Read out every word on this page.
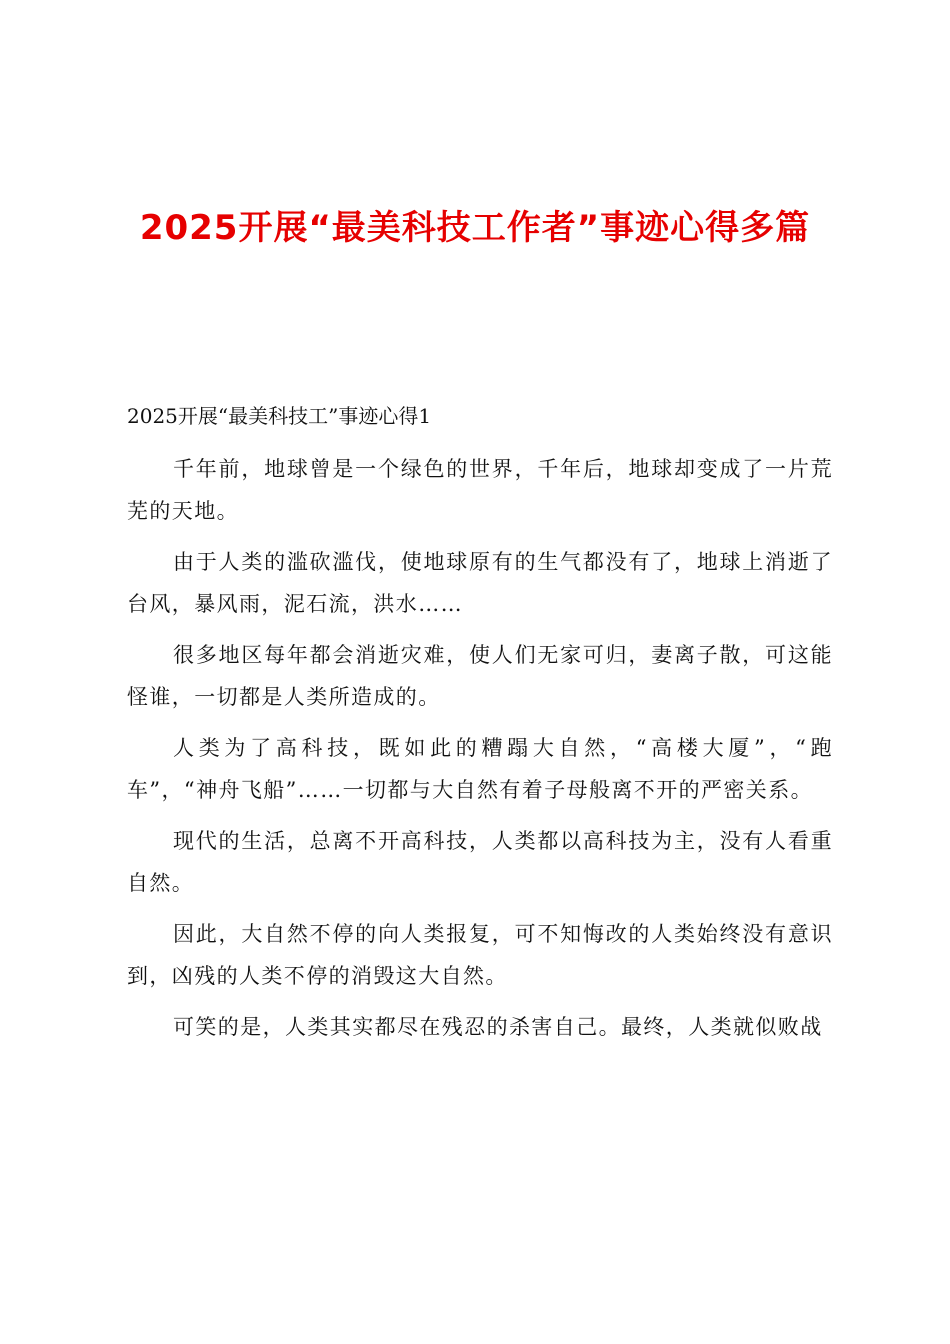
2025开展“最美科技工作者”事迹心得多篇
2025开展“最美科技工”事迹心得1

千年前，地球曾是一个绿色的世界，千年后，地球却变成了一片荒芜的天地。

由于人类的滥砍滥伐，使地球原有的生气都没有了，地球上消逝了台风，暴风雨，泥石流，洪水……

很多地区每年都会消逝灾难，使人们无家可归，妻离子散，可这能怪谁，一切都是人类所造成的。

人类为了高科技，既如此的糟蹋大自然，“高楼大厦”，“跑车”，“神舟飞船”……一切都与大自然有着子母般离不开的严密关系。

现代的生活，总离不开高科技，人类都以高科技为主，没有人看重自然。

因此，大自然不停的向人类报复，可不知悔改的人类始终没有意识到，凶残的人类不停的消毁这大自然。

可笑的是，人类其实都尽在残忍的杀害自己。最终，人类就似败战
